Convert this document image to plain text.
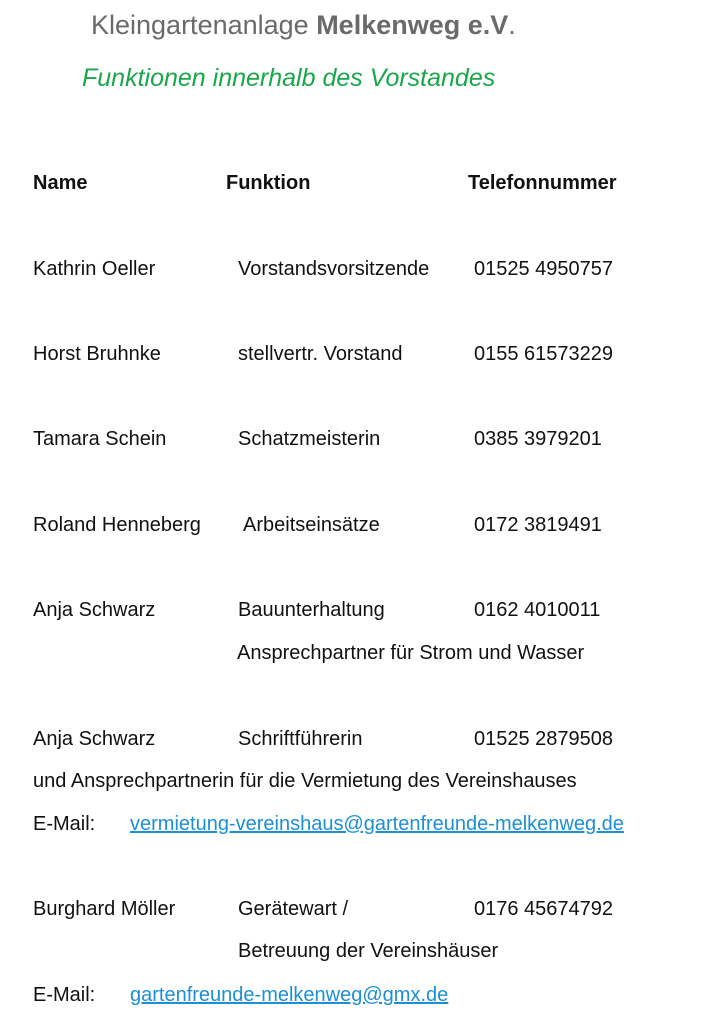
Kleingartenanlage Melkenweg e.V.
Funktionen innerhalb des Vorstandes
Name	Funktion	Telefonnummer
Kathrin Oeller	Vorstandsvorsitzende 01525 4950757
Horst Bruhnke	stellvertr. Vorstand	0155 61573229
Tamara Schein	Schatzmeisterin	0385 3979201
Roland Henneberg Arbeitseinsätze	0172 3819491
Anja Schwarz	Bauunterhaltung	0162 4010011
Ansprechpartner für Strom und Wasser
Anja Schwarz	Schriftführerin	01525 2879508
und Ansprechpartnerin für die Vermietung des Vereinshauses
E-Mail: vermietung-vereinshaus@gartenfreunde-melkenweg.de
Burghard Möller	Gerätewart /	0176 45674792
Betreuung der Vereinshäuser
E-Mail: gartenfreunde-melkenweg@gmx.de
